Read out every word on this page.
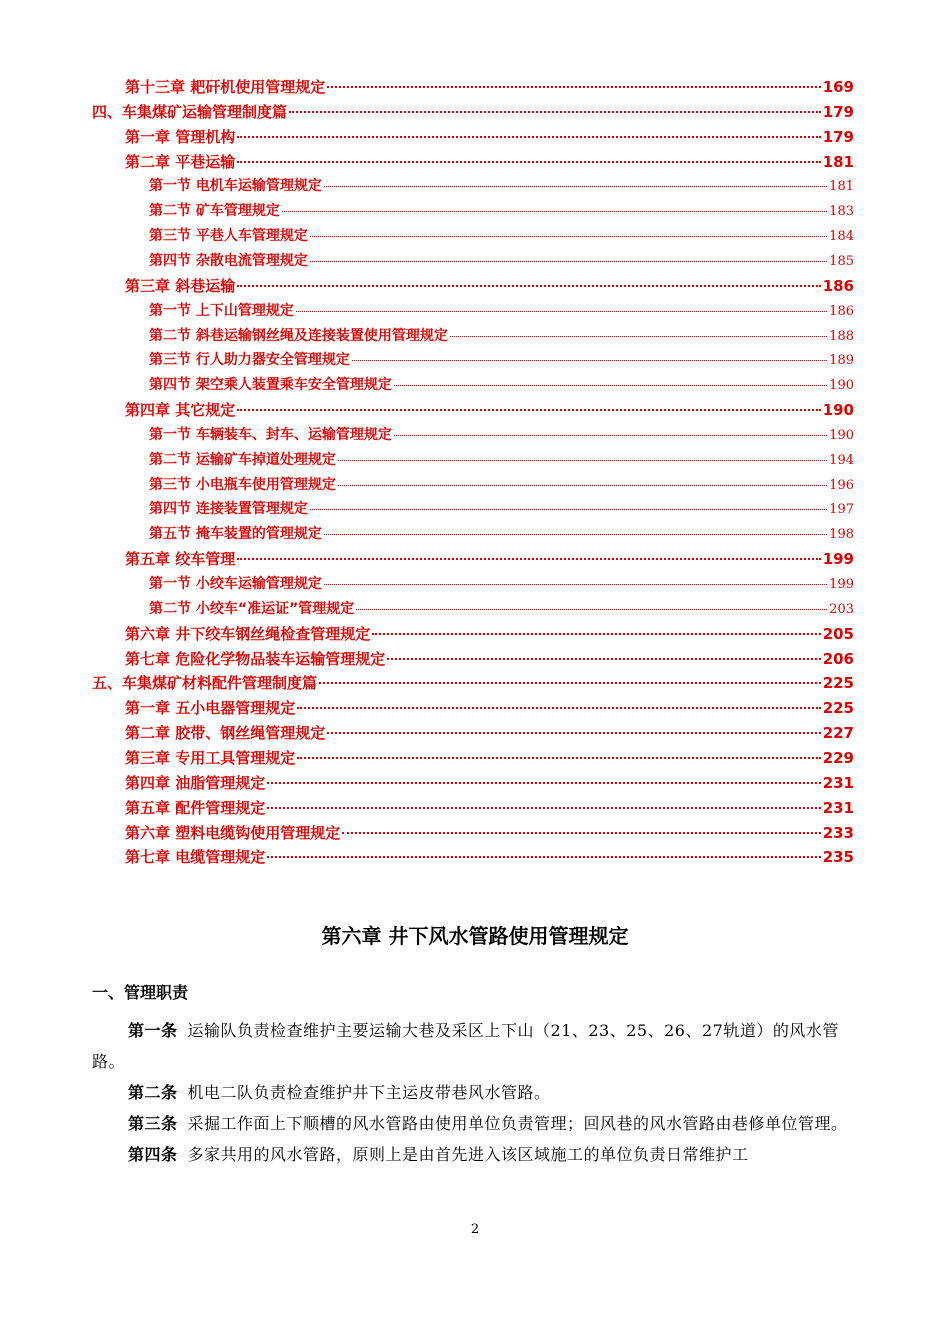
第十三章 耙矸机使用管理规定	169
四、车集煤矿运输管理制度篇	179
第一章 管理机构	179
第二章 平巷运输	181
第一节 电机车运输管理规定	181
第二节 矿车管理规定	183
第三节 平巷人车管理规定	184
第四节 杂散电流管理规定	185
第三章 斜巷运输	186
第一节 上下山管理规定	186
第二节 斜巷运输钢丝绳及连接装置使用管理规定	188
第三节 行人助力器安全管理规定	189
第四节 架空乘人装置乘车安全管理规定	190
第四章 其它规定	190
第一节 车辆装车、封车、运输管理规定	190
第二节 运输矿车掉道处理规定	194
第三节 小电瓶车使用管理规定	196
第四节 连接装置管理规定	197
第五节 掩车装置的管理规定	198
第五章 绞车管理	199
第一节 小绞车运输管理规定	199
第二节 小绞车“准运证”管理规定	203
第六章 井下绞车钢丝绳检查管理规定	205
第七章 危险化学物品装车运输管理规定	206
五、车集煤矿材料配件管理制度篇	225
第一章 五小电器管理规定	225
第二章 胶带、钢丝绳管理规定	227
第三章 专用工具管理规定	229
第四章 油脂管理规定	231
第五章 配件管理规定	231
第六章 塑料电缆钩使用管理规定	233
第七章 电缆管理规定	235
第六章 井下风水管路使用管理规定
一、管理职责

第一条 运输队负责检查维护主要运输大巷及采区上下山（21、23、25、26、27轨道）的风水管路。

第二条 机电二队负责检查维护井下主运皮带巷风水管路。

第三条 采掘工作面上下顺槽的风水管路由使用单位负责管理；回风巷的风水管路由巷修单位管理。

第四条 多家共用的风水管路，原则上是由首先进入该区域施工的单位负责日常维护工

2
